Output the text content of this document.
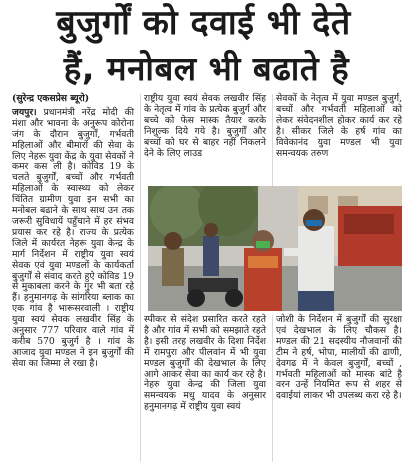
बुजुर्गों को दवाई भी देते
हैं, मनोबल भी बढाते है
(सुरेन्द्र एकसप्रेस ब्यूरो)
जयपुर। प्रधानमंत्री नरेंद्र मोदी की मंशा और भावना के अनुरूप कोरोना जंग के दौरान बुजुर्गों, गर्भवती महिलाओं और बीमारों की सेवा के लिए नेहरू युवा केंद्र के युवा सेवकों ने कमर कस ली है। कोविड 19 के चलते बुजुर्गों, बच्चों और गर्भवती महिलाओं के स्वास्थ्य को लेकर चिंतित ग्रामीण युवा इन सभी का मनोबल बढाने के साथ साथ उन तक जरूरी सुविधायें पहुँचाने में हर संभव प्रयास कर रहे है। राज्य के प्रत्येक जिले में कार्यरत नेहरू युवा केन्द्र के मार्ग निर्देशन में राष्ट्रीय युवा स्वयं सेवक एवं युवा मण्डलों के कार्यकर्ता बुजुर्गों से संवाद करते हुऐ कोविड 19 से मुकाबला करने के गुर भी बता रहे हैं। हनुमानगढ़ के सांगरिया ब्लाक का एक गांव है भारूसरवाली । राष्ट्रीय युवा स्वयं सेवक लखवीर सिंह के अनुसार 777 परिवार वाले गांव में करीब 570 बुजुर्ग है । गांव के आजाद युवा मण्डल ने इन बुजुर्गों की सेवा का जिम्मा ले रखा है।
राष्ट्रीय युवा स्वयं सेवक लखवीर सिंह के नेतृत्व में गांव के प्रत्येक बुजुर्ग और बच्चे को फेस मास्क तैयार करके निशुल्क दिये गये है। बुजुर्गों और बच्चों को घर से बाहर नहीं निकलने देने के लिए लाउड
सेवकों के नेतृत्व में युवा मण्डल बुजुर्ग, बच्चों और गर्भवती महिलाओं को लेकर संवेदनशील होकर कार्य कर रहे है। सीकर जिले के हर्ष गांव का विवेकानंद युवा मण्डल भी युवा समन्वयक तरुण
स्पीकर से संदेश प्रसारित करते रहते है और गांव में सभी को समझाते रहते है। इसी तरह लखवीर के दिशा निर्देश में रामपुरा और पीलवांन में भी युवा मण्डल बुजुर्गों की देखभाल के लिए आगे आकर सेवा का कार्य कर रहे है। नेहरु युवा केन्द्र की जिला युवा समन्वयक मधु यादव के अनुसार हनुमानगढ़ में राष्ट्रीय युवा स्वयं
जोशी के निर्देशन में बुजुर्गों की सुरक्षा एवं देखभाल के लिए चौकस है। मण्डल की 21 सदस्यीय नौजवानों की टीम ने हर्ष, भोपा, मालीयों की ढाणी, देवगढ में ने केवल बुजुर्गों, बच्चों , गर्भवती महिलाओं को मास्क बांटे है वरन उन्हें नियमित रूप से शहर से दवाईयां लाकर भी उपलब्ध करा रहे है।
